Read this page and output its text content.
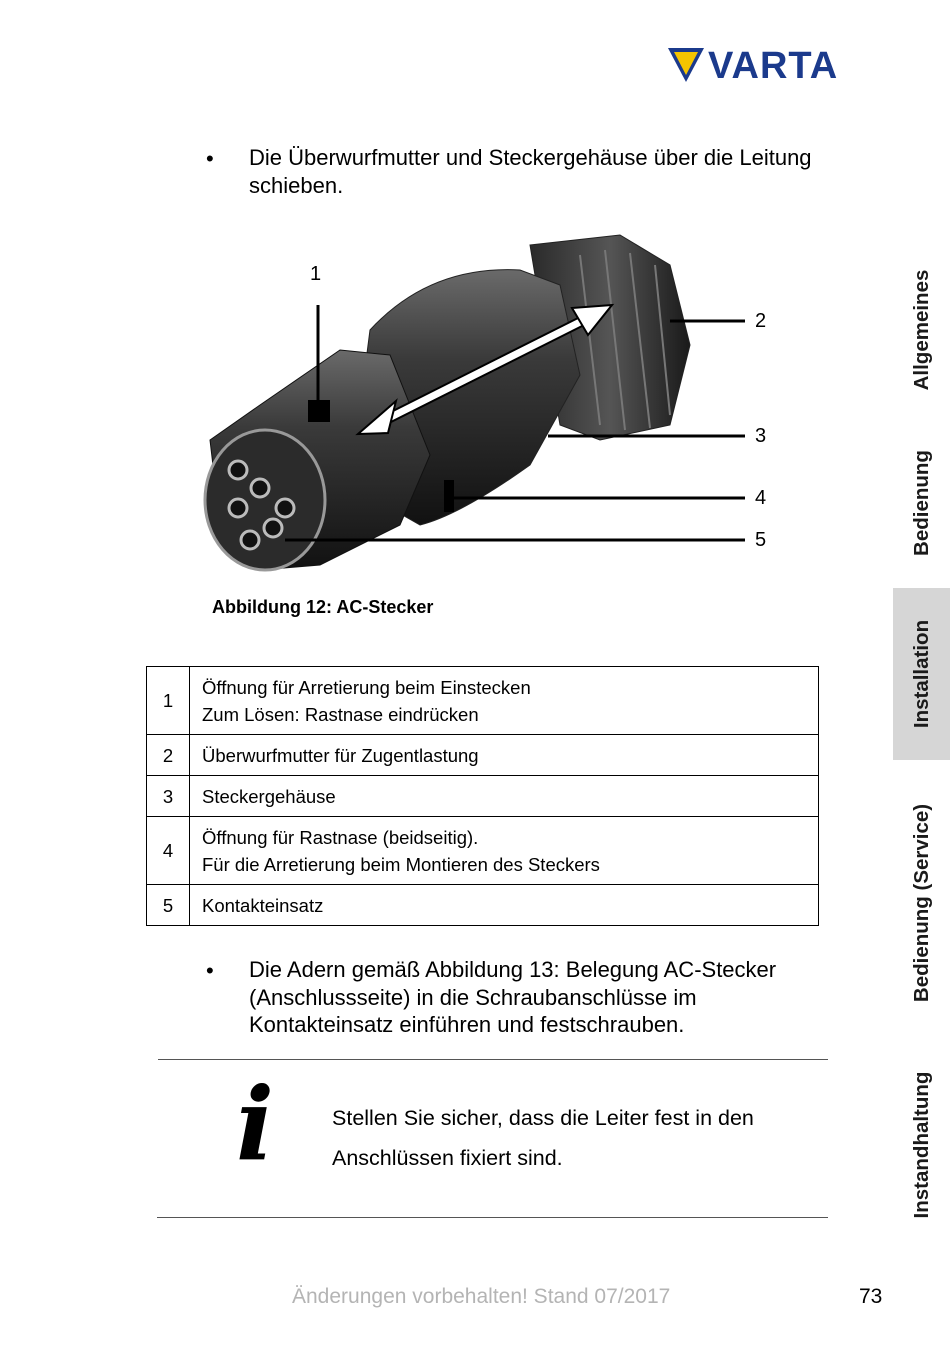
VARTA
• Die Überwurfmutter und Steckergehäuse über die Leitung
schieben.
1
2
3
4
5
Abbildung 12: AC-Stecker
1	Öffnung für Arretierung beim Einstecken
Zum Lösen: Rastnase eindrücken

2	Überwurfmutter für Zugentlastung

3	Steckergehäuse

4	Öffnung für Rastnase (beidseitig).
Für die Arretierung beim Montieren des Steckers

5	Kontakteinsatz
• Die Adern gemäß Abbildung 13: Belegung AC-Stecker
(Anschlussseite) in die Schraubanschlüsse im
Kontakteinsatz einführen und festschrauben.
i	Stellen Sie sicher, dass die Leiter fest in den
Anschlüssen fixiert sind.
Änderungen vorbehalten! Stand 07/2017	73
Allgemeines
Bedienung
Installation
Bedienung (Service)
Instandhaltung
